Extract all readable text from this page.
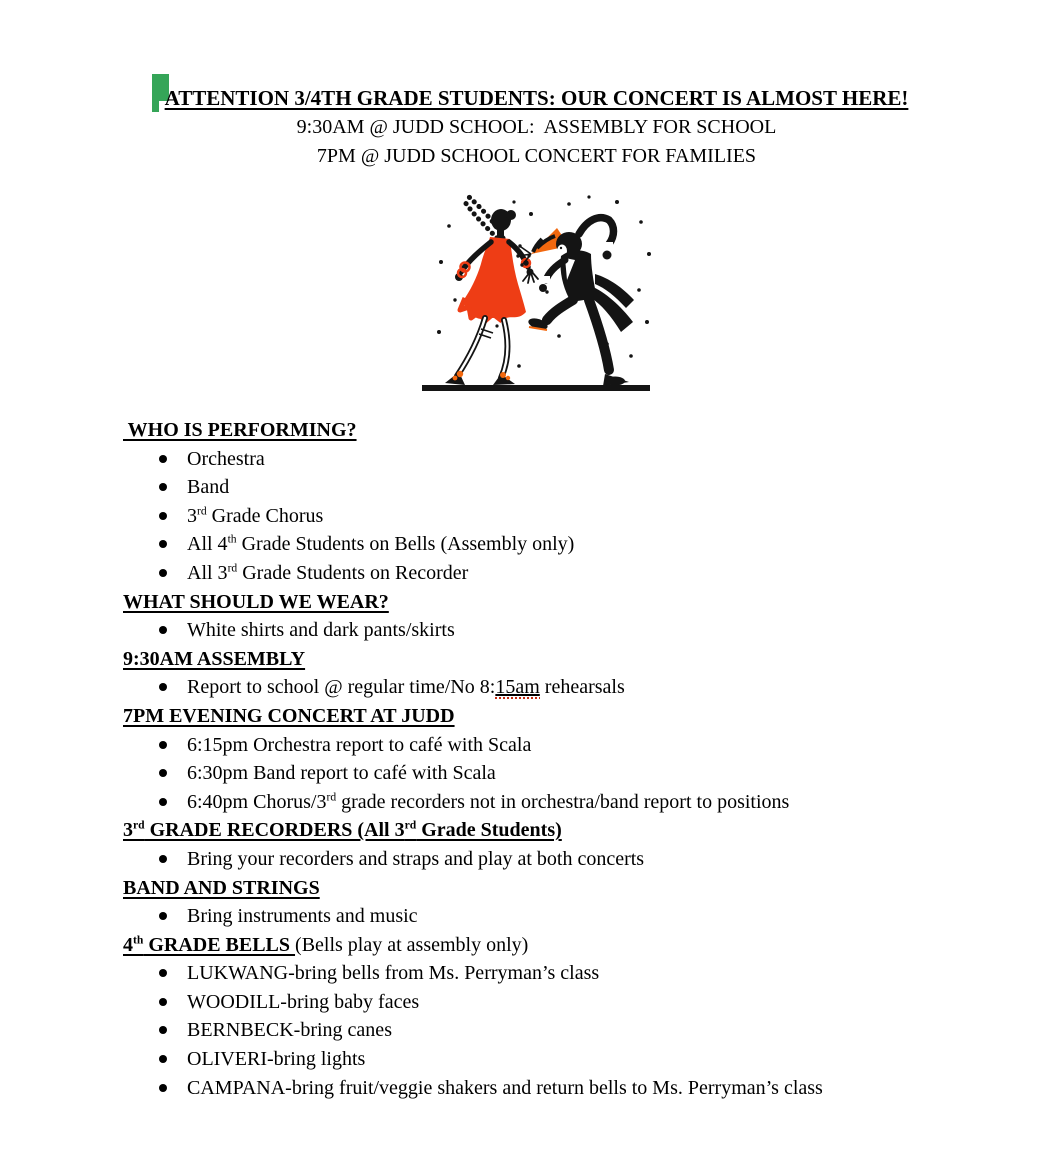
ATTENTION 3/4TH GRADE STUDENTS: OUR CONCERT IS ALMOST HERE!
9:30AM @ JUDD SCHOOL:  ASSEMBLY FOR SCHOOL
7PM @ JUDD SCHOOL CONCERT FOR FAMILIES
WHO IS PERFORMING?
Orchestra
Band
3rd Grade Chorus
All 4th Grade Students on Bells (Assembly only)
All 3rd Grade Students on Recorder
WHAT SHOULD WE WEAR?
White shirts and dark pants/skirts
9:30AM ASSEMBLY
Report to school @ regular time/No 8:15am rehearsals
7PM EVENING CONCERT AT JUDD
6:15pm Orchestra report to café with Scala
6:30pm Band report to café with Scala
6:40pm Chorus/3rd grade recorders not in orchestra/band report to positions
3rd GRADE RECORDERS (All 3rd Grade Students)
Bring your recorders and straps and play at both concerts
BAND AND STRINGS
Bring instruments and music
4th GRADE BELLS (Bells play at assembly only)
LUKWANG-bring bells from Ms. Perryman’s class
WOODILL-bring baby faces
BERNBECK-bring canes
OLIVERI-bring lights
CAMPANA-bring fruit/veggie shakers and return bells to Ms. Perryman’s class
